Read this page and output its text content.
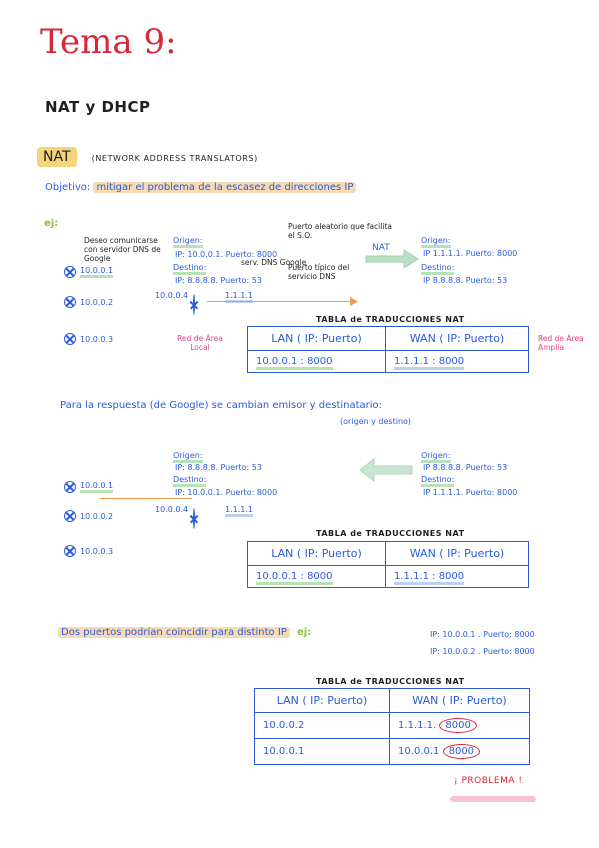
Tema 9:
NAT y DHCP
NAT	(NETWORK ADDRESS TRANSLATORS)
Objetivo: mitigar el problema de la escasez de direcciones IP
ej:
Deseo comunicarse con servidor DNS de Google
Puerto aleatorio que facilita el S.O.
serv. DNS Google
Puerto típico del servicio DNS
Origen:
IP: 10.0.0.1. Puerto: 8000
Destino:
IP: 8.8.8.8. Puerto: 53
NAT
Origen:
IP 1.1.1.1. Puerto: 8000
Destino:
IP 8.8.8.8. Puerto: 53
10.0.0.1
10.0.0.2
10.0.0.3
10.0.0.4	1.1.1.1
TABLA de TRADUCCIONES NAT
Red de Área Local
Red de Área Amplia
LAN ( IP: Puerto)	WAN ( IP: Puerto)
10.0.0.1 : 8000	1.1.1.1 : 8000
Para la respuesta (de Google) se cambian emisor y destinatario:
(origen y destino)
Origen:
IP: 8.8.8.8. Puerto: 53
Destino:
IP: 10.0.0.1. Puerto: 8000
Origen:
IP 8.8.8.8. Puerto: 53
Destino:
IP 1.1.1.1. Puerto: 8000
10.0.0.1
10.0.0.2
10.0.0.3
10.0.0.4	1.1.1.1
TABLA de TRADUCCIONES NAT
LAN ( IP: Puerto)	WAN ( IP: Puerto)
10.0.0.1 : 8000	1.1.1.1 : 8000
Dos puertos podrían coincidir para distinto IP ej:	IP: 10.0.0.1 . Puerto: 8000
IP: 10.0.0.2 . Puerto: 8000
TABLA de TRADUCCIONES NAT
LAN ( IP: Puerto)	WAN ( IP: Puerto)
10.0.0.2	1.1.1.1. 8000
10.0.0.1	10.0.0.1 8000
¡ PROBLEMA !
